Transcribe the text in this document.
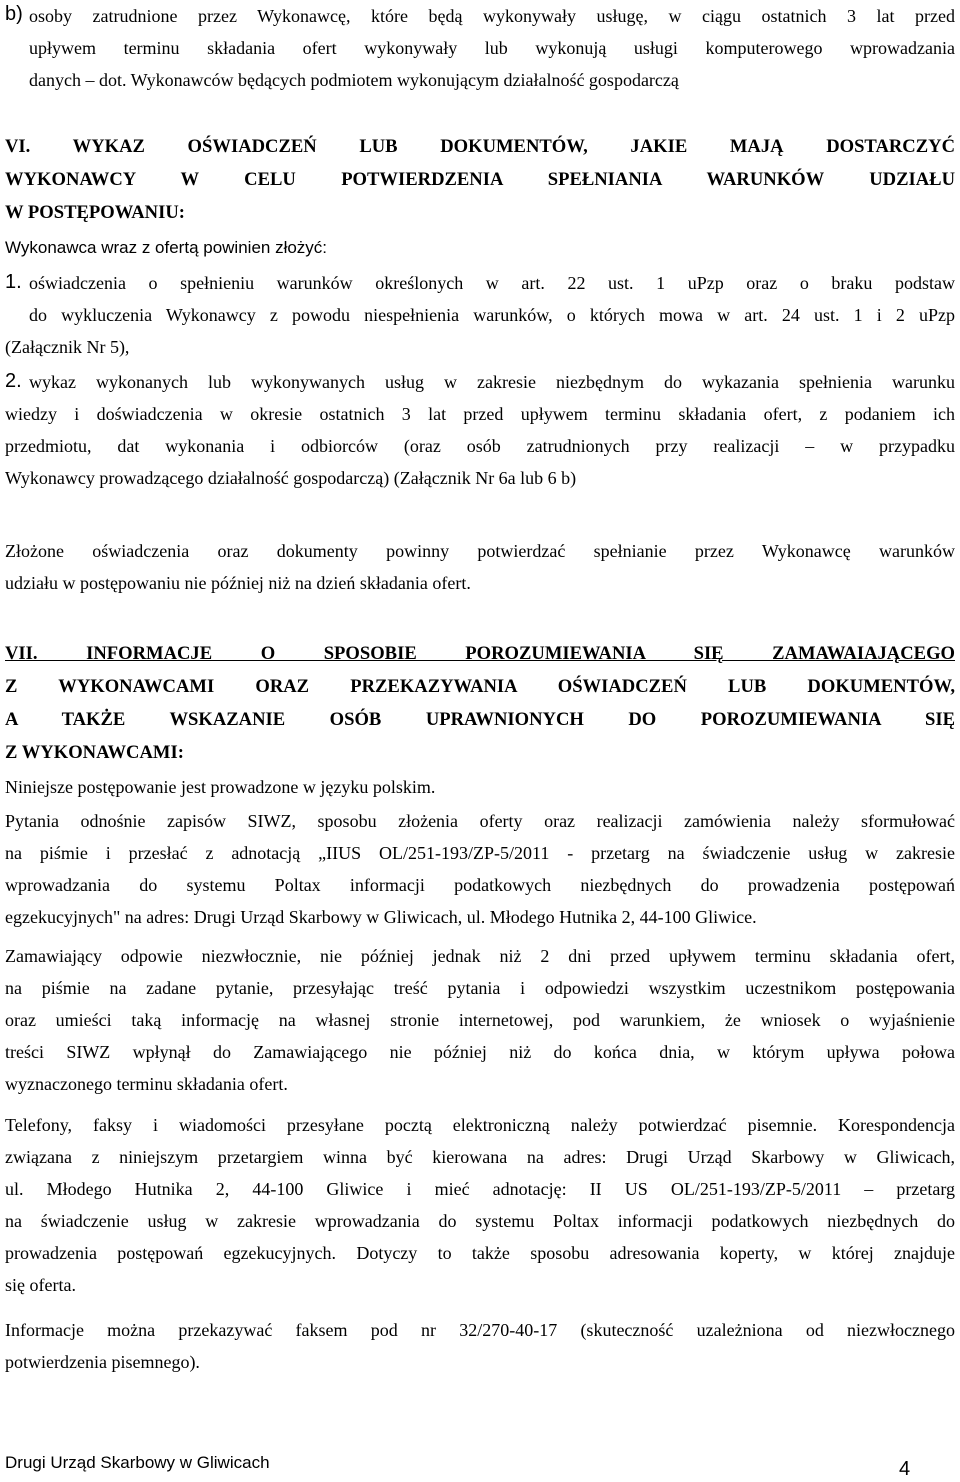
b) osoby zatrudnione przez Wykonawcę, które będą wykonywały usługę, w ciągu ostatnich 3 lat przed

upływem terminu składania ofert wykonywały lub wykonują usługi komputerowego wprowadzania

danych – dot. Wykonawców będących podmiotem wykonującym działalność gospodarczą

VI. WYKAZ OŚWIADCZEŃ LUB DOKUMENTÓW, JAKIE MAJĄ DOSTARCZYĆ

WYKONAWCY W CELU POTWIERDZENIA SPEŁNIANIA WARUNKÓW UDZIAŁU

W POSTĘPOWANIU:

Wykonawca wraz z ofertą powinien złożyć:

1. oświadczenia o spełnieniu warunków określonych w art. 22 ust. 1 uPzp oraz o braku podstaw

do wykluczenia Wykonawcy z powodu niespełnienia warunków, o których mowa w art. 24 ust. 1 i 2 uPzp

(Załącznik Nr 5),

2. wykaz wykonanych lub wykonywanych usług w zakresie niezbędnym do wykazania spełnienia warunku

wiedzy i doświadczenia w okresie ostatnich 3 lat przed upływem terminu składania ofert, z podaniem ich

przedmiotu, dat wykonania i odbiorców (oraz osób zatrudnionych przy realizacji – w przypadku

Wykonawcy prowadzącego działalność gospodarczą) (Załącznik Nr 6a lub 6 b)

Złożone oświadczenia oraz dokumenty powinny potwierdzać spełnianie przez Wykonawcę warunków

udziału w postępowaniu nie później niż na dzień składania ofert.

VII. INFORMACJE O SPOSOBIE POROZUMIEWANIA SIĘ ZAMAWAIAJĄCEGO

Z WYKONAWCAMI ORAZ PRZEKAZYWANIA OŚWIADCZEŃ LUB DOKUMENTÓW,

A TAKŻE WSKAZANIE OSÓB UPRAWNIONYCH DO POROZUMIEWANIA SIĘ

Z WYKONAWCAMI:

Niniejsze postępowanie jest prowadzone w języku polskim.

Pytania odnośnie zapisów SIWZ, sposobu złożenia oferty oraz realizacji zamówienia należy sformułować

na piśmie i przesłać z adnotacją „IIUS OL/251-193/ZP-5/2011 - przetarg na świadczenie usług w zakresie

wprowadzania do systemu Poltax informacji podatkowych niezbędnych do prowadzenia postępowań

egzekucyjnych" na adres: Drugi Urząd Skarbowy w Gliwicach, ul. Młodego Hutnika 2, 44-100 Gliwice.

Zamawiający odpowie niezwłocznie, nie później jednak niż 2 dni przed upływem terminu składania ofert,

na piśmie na zadane pytanie, przesyłając treść pytania i odpowiedzi wszystkim uczestnikom postępowania

oraz umieści taką informację na własnej stronie internetowej, pod warunkiem, że wniosek o wyjaśnienie

treści SIWZ wpłynął do Zamawiającego nie później niż do końca dnia, w którym upływa połowa

wyznaczonego terminu składania ofert.

Telefony, faksy i wiadomości przesyłane pocztą elektroniczną należy potwierdzać pisemnie. Korespondencja

związana z niniejszym przetargiem winna być kierowana na adres: Drugi Urząd Skarbowy w Gliwicach,

ul. Młodego Hutnika 2, 44-100 Gliwice i mieć adnotację: II US OL/251-193/ZP-5/2011 – przetarg

na świadczenie usług w zakresie wprowadzania do systemu Poltax informacji podatkowych niezbędnych do

prowadzenia postępowań egzekucyjnych. Dotyczy to także sposobu adresowania koperty, w której znajduje

się oferta.

Informacje można przekazywać faksem pod nr 32/270-40-17 (skuteczność uzależniona od niezwłocznego

potwierdzenia pisemnego).

Drugi Urząd Skarbowy w Gliwicach	4
